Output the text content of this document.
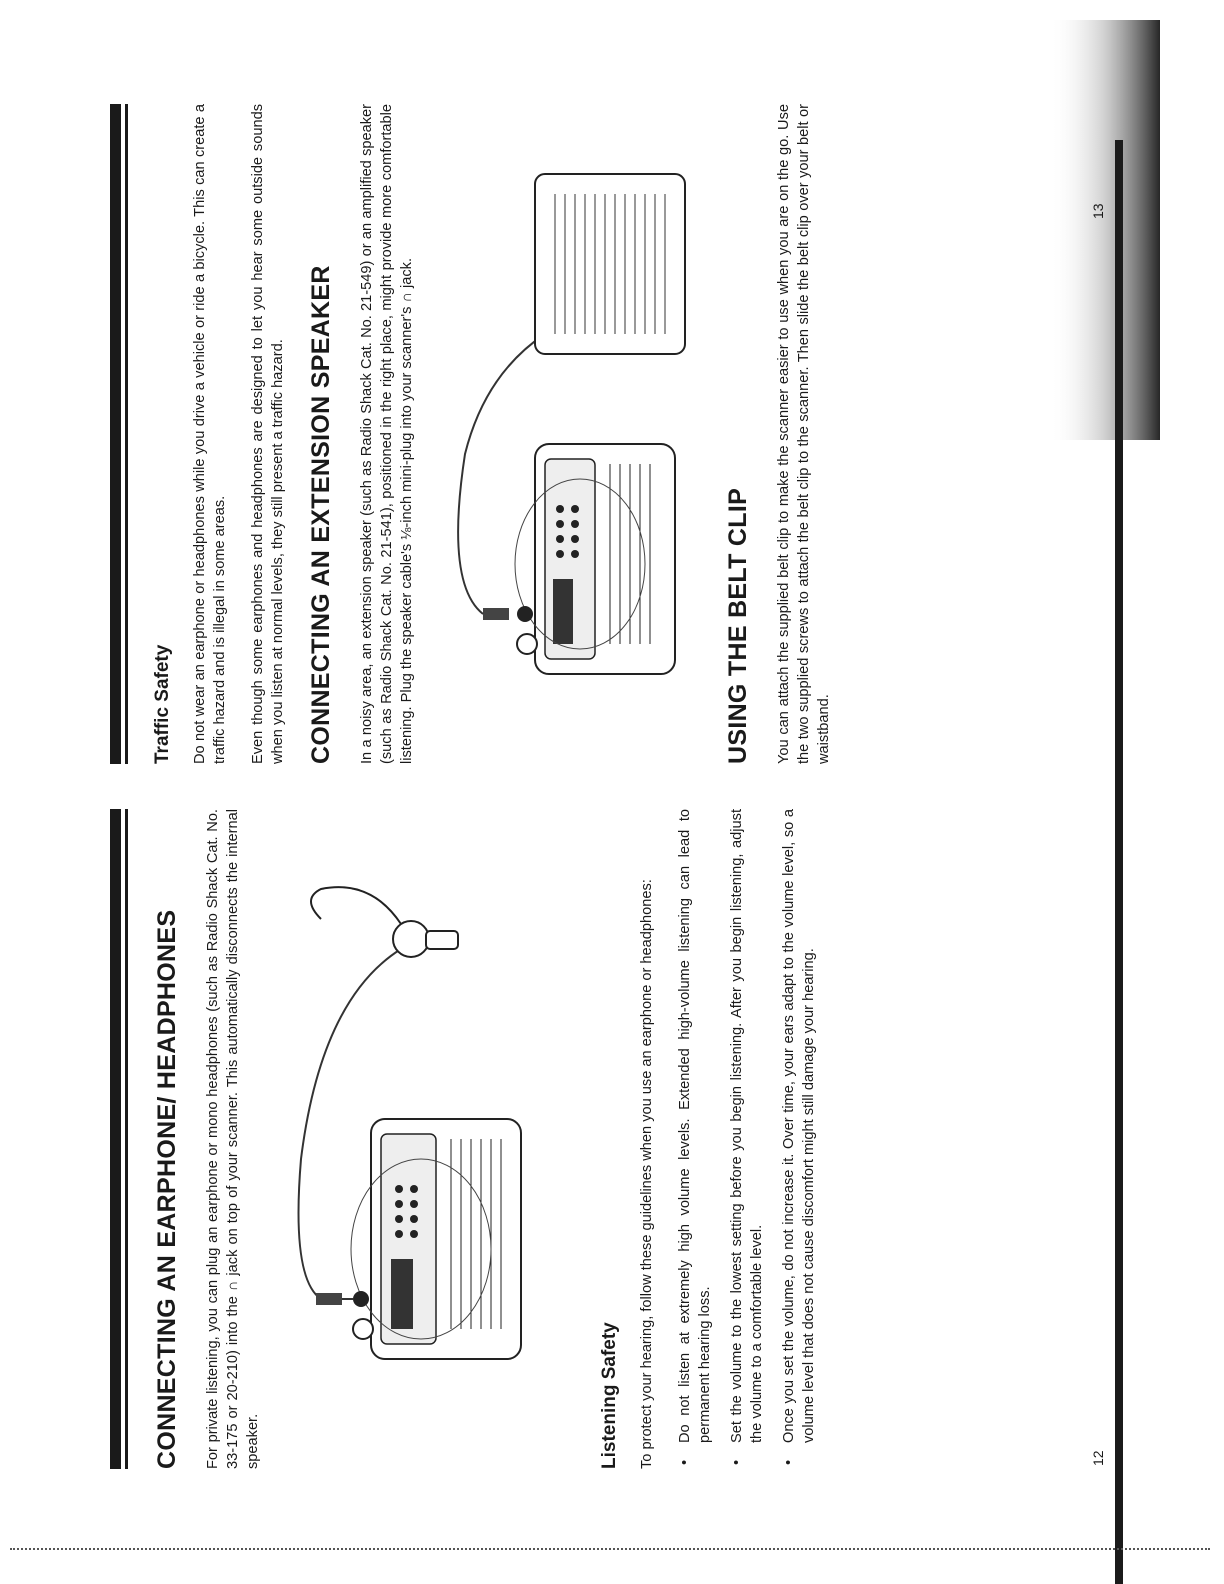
CONNECTING AN EARPHONE/ HEADPHONES For private listening, you can plug an earphone or mono headphones (such as Radio Shack Cat. No. 33-175 or 20-210) into the ∩ jack on top of your scanner. This automatically disconnects the internal speaker.	Listening Safety To protect your hearing, follow these guidelines when you use an earphone or headphones: • Do not listen at extremely high volume levels. Extended high-volume listening can lead to permanent hearing loss. • Set the volume to the lowest setting before you begin listening. After you begin listening, adjust the volume to a comfortable level. • Once you set the volume, do not increase it. Over time, your ears adapt to the volume level, so a volume level that does not cause discomfort might still damage your hearing.
12
Traffic Safety Do not wear an earphone or headphones while you drive a vehicle or ride a bicycle. This can create a traffic hazard and is illegal in some areas. Even though some earphones and headphones are designed to let you hear some outside sounds when you listen at normal levels, they still present a traffic hazard. CONNECTING AN EXTENSION SPEAKER In a noisy area, an extension speaker (such as Radio Shack Cat. No. 21-549) or an amplified speaker (such as Radio Shack Cat. No. 21-541), positioned in the right place, might provide more comfortable listening. Plug the speaker cable's ⅛-inch mini-plug into your scanner's ∩ jack.	USING THE BELT CLIP You can attach the supplied belt clip to make the scanner easier to use when you are on the go. Use the two supplied screws to attach the belt clip to the scanner. Then slide the belt clip over your belt or waistband.

13
